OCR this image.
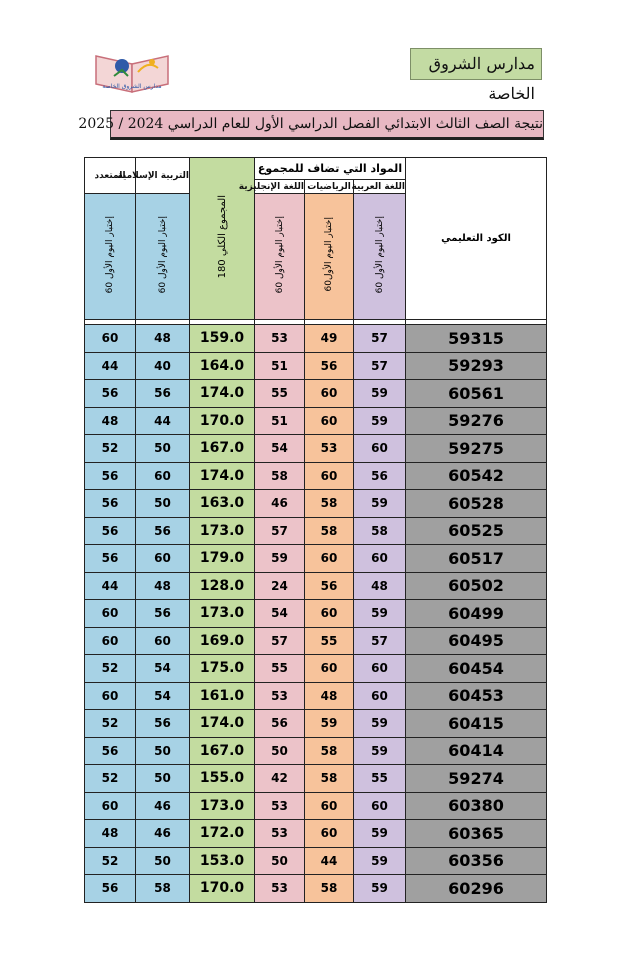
مدارس الشروق الخاصة
مدارس الشروق الخاصة
نتيجة الصف الثالث الابتدائي الفصل الدراسي الأول للعام الدراسي 2024 / 2025
المتعدد	التربية الإسلامية	المجموع الكلي 180	المواد التي تضاف للمجموع			الكود التعليمي
			اللغة الإنجليزية	الرياضيات	اللغة العربية	
إختبار اليوم الأول 60	إختبار اليوم الأول 60		إختبار اليوم الأول 60	إختبار اليوم الأول60	إختبار اليوم الأول 60	

60	48	159.0	53	49	57	59315
44	40	164.0	51	56	57	59293
56	56	174.0	55	60	59	60561
48	44	170.0	51	60	59	59276
52	50	167.0	54	53	60	59275
56	60	174.0	58	60	56	60542
56	50	163.0	46	58	59	60528
56	56	173.0	57	58	58	60525
56	60	179.0	59	60	60	60517
44	48	128.0	24	56	48	60502
60	56	173.0	54	60	59	60499
60	60	169.0	57	55	57	60495
52	54	175.0	55	60	60	60454
60	54	161.0	53	48	60	60453
52	56	174.0	56	59	59	60415
56	50	167.0	50	58	59	60414
52	50	155.0	42	58	55	59274
60	46	173.0	53	60	60	60380
48	46	172.0	53	60	59	60365
52	50	153.0	50	44	59	60356
56	58	170.0	53	58	59	60296
